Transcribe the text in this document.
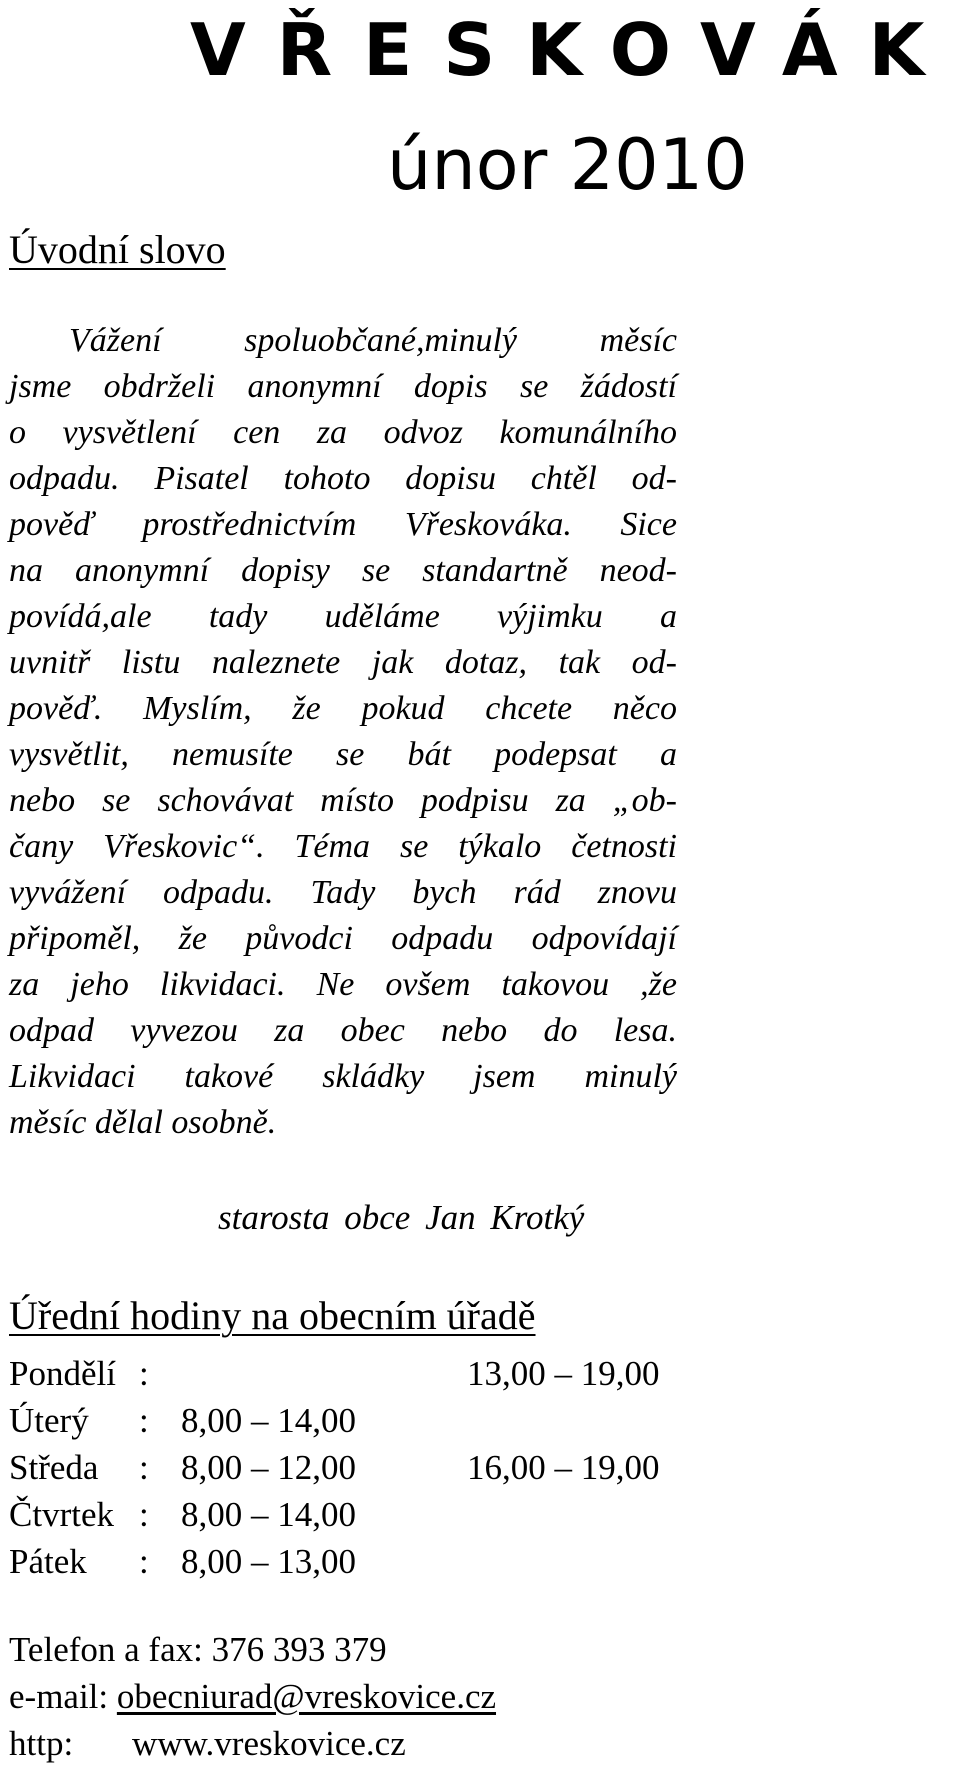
VŘESKOVÁK
únor 2010
Úvodní slovo
Vážení spoluobčané,minulý měsíc
jsme obdrželi anonymní dopis se žádostí
o vysvětlení cen za odvoz komunálního
odpadu. Pisatel tohoto dopisu chtěl od-
pověď prostřednictvím Vřeskováka. Sice
na anonymní dopisy se standartně neod-
povídá,ale tady uděláme výjimku a
uvnitř listu naleznete jak dotaz, tak od-
pověď. Myslím, že pokud chcete něco
vysvětlit, nemusíte se bát podepsat a
nebo se schovávat místo podpisu za „ob-
čany Vřeskovic“. Téma se týkalo četnosti
vyvážení odpadu. Tady bych rád znovu
připoměl, že původci odpadu odpovídají
za jeho likvidaci. Ne ovšem takovou ,že
odpad vyvezou za obec nebo do lesa.
Likvidaci takové skládky jsem minulý
měsíc dělal osobně.
starosta obce Jan Krotký
Úřední hodiny na obecním úřadě
Pondělí :	13,00 – 19,00
Úterý : 8,00 – 14,00
Středa : 8,00 – 12,00	16,00 – 19,00
Čtvrtek : 8,00 – 14,00
Pátek : 8,00 – 13,00
Telefon a fax: 376 393 379
e-mail: obecniurad@vreskovice.cz
http: www.vreskovice.cz
